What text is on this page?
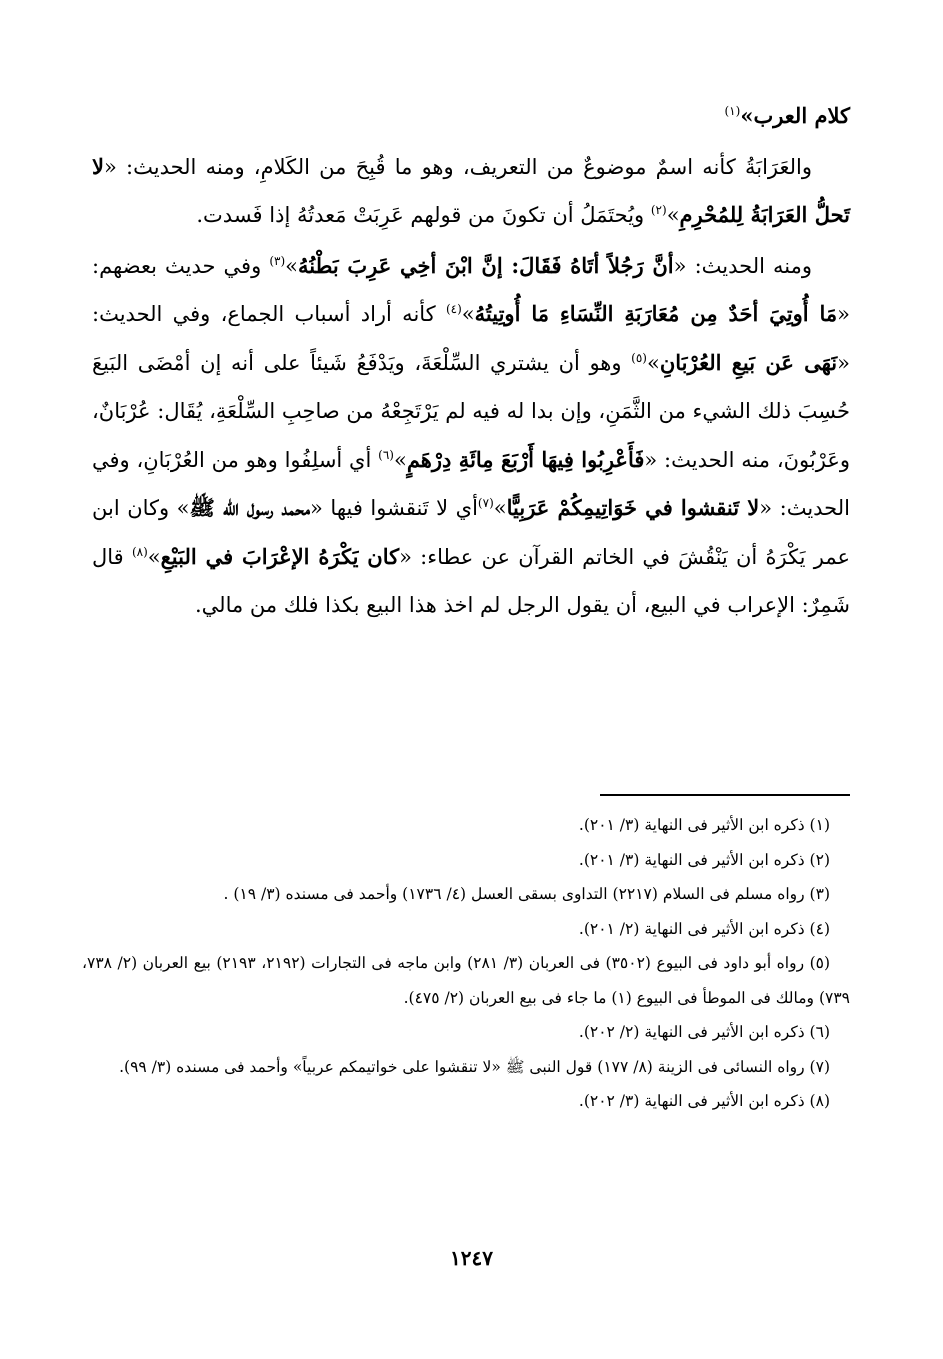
كلام العرب»$^{(١)}$

والعَرَابَةُ كأنه اسمٌ موضوعٌ من التعريف، وهو ما قُبِحَ من الكَلامِ، ومنه الحديث: «لا تَحلُّ العَرَابَةُ لِلمُحْرِمِ»$^{(٢)}$ ويُحتَمَلُ أن تكونَ من قولهم عَرِبَتْ مَعدتُهُ إذا فَسدت.

ومنه الحديث: «أنَّ رَجُلاً أتَاهُ فَقَالَ: إنَّ ابْنَ أخِي عَرِبَ بَطْنُهُ»$^{(٣)}$ وفي حديث بعضهم: «مَا أُوتِيَ أحَدٌ مِن مُعَارَبَةِ النِّسَاءِ مَا أُوتِيتُهُ»$^{(٤)}$ كأنه أراد أسباب الجماع، وفي الحديث: «نَهَى عَن بَيعِ العُرْبَانِ»$^{(٥)}$ وهو أن يشتري السِّلْعَةَ، ويَدْفَعُ شَيئاً على أنه إن أمْضَى البَيعَ حُسِبَ ذلك الشيء من الثَّمَنِ، وإن بدا له فيه لم يَرْتَجِعْهُ من صاحِبِ السِّلْعَةِ، يُقَال: عُرْبَانٌ، وعَرْبُونَ، منه الحديث: «فَأَعْرِبُوا فِيهَا أَرْبَعَ مِائَةِ دِرْهَمٍ»$^{(٦)}$ أي أسلِفُوا وهو من العُرْبَانِ، وفي الحديث: «لا تَنقشوا في خَوَاتِيمِكُمْ عَرَبِيًّا»$^{(٧)}$أي لا تَنقشوا فيها «محمد رسول الله ﷺ» وكان ابن عمر يَكْرَهُ أن يَنْقُشَ في الخاتم القرآن عن عطاء: «كان يَكْرَهُ الإعْرَابَ في البَيْعِ»$^{(٨)}$ قال شَمِرٌ: الإعراب في البيع، أن يقول الرجل لم اخذ هذا البيع بكذا فلك من مالي.

(١) ذكره ابن الأثير فى النهاية (٣/ ٢٠١).

(٢) ذكره ابن الأثير فى النهاية (٣/ ٢٠١).

(٣) رواه مسلم فى السلام (٢٢١٧) التداوى بسقى العسل (٤/ ١٧٣٦) وأحمد فى مسنده (٣/ ١٩) .

(٤) ذكره ابن الأثير فى النهاية (٢/ ٢٠١).

(٥) رواه أبو داود فى البيوع (٣٥٠٢) فى العربان (٣/ ٢٨١) وابن ماجه فى التجارات (٢١٩٢، ٢١٩٣) بيع العربان (٢/ ٧٣٨، ٧٣٩) ومالك فى الموطأ فى البيوع (١) ما جاء فى بيع العربان (٢/ ٤٧٥).

(٦) ذكره ابن الأثير فى النهاية (٢/ ٢٠٢).

(٧) رواه النسائى فى الزينة (٨/ ١٧٧) قول النبى ﷺ «لا تنقشوا على خواتيمكم عربياً» وأحمد فى مسنده (٣/ ٩٩).

(٨) ذكره ابن الأثير فى النهاية (٣/ ٢٠٢).

١٢٤٧
